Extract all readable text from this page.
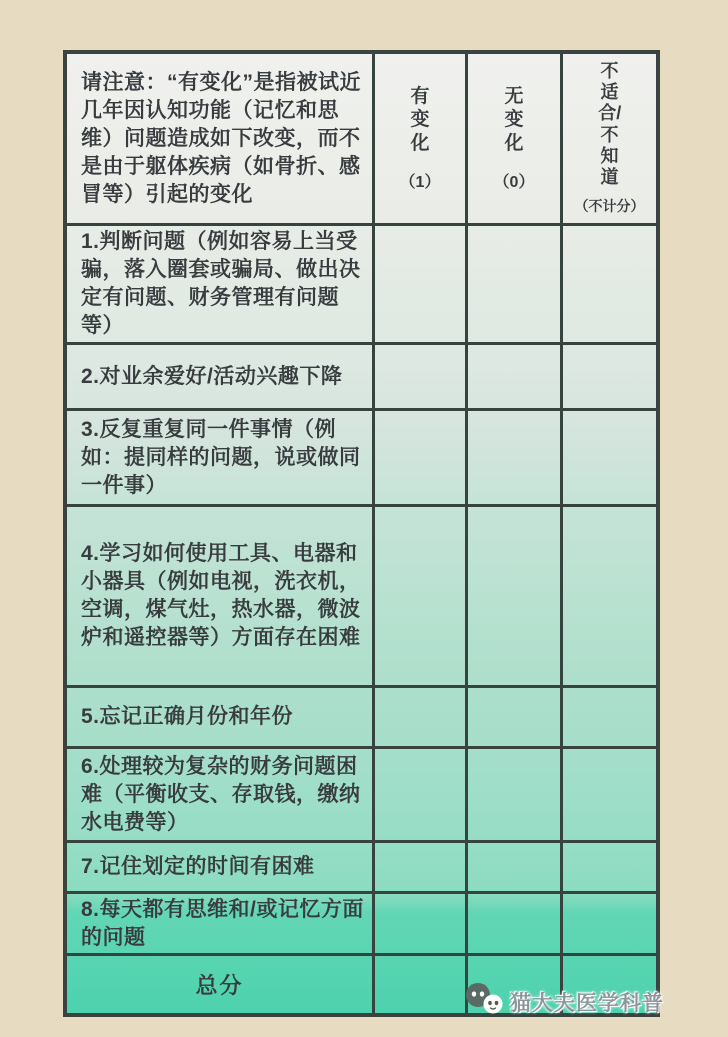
请注意：“有变化”是指被试近几年因认知功能（记忆和思维）问题造成如下改变，而不是由于躯体疾病（如骨折、感冒等）引起的变化
有变化
（1）
无变化
（0）
不适合/不知道
（不计分）
1.判断问题（例如容易上当受骗，落入圈套或骗局、做出决定有问题、财务管理有问题等）
2.对业余爱好/活动兴趣下降
3.反复重复同一件事情（例如：提同样的问题，说或做同一件事）
4.学习如何使用工具、电器和小器具（例如电视，洗衣机，空调，煤气灶，热水器，微波炉和遥控器等）方面存在困难
5.忘记正确月份和年份
6.处理较为复杂的财务问题困难（平衡收支、存取钱，缴纳水电费等）
7.记住划定的时间有困难
8.每天都有思维和/或记忆方面的问题
总分
猫大夫医学科普
